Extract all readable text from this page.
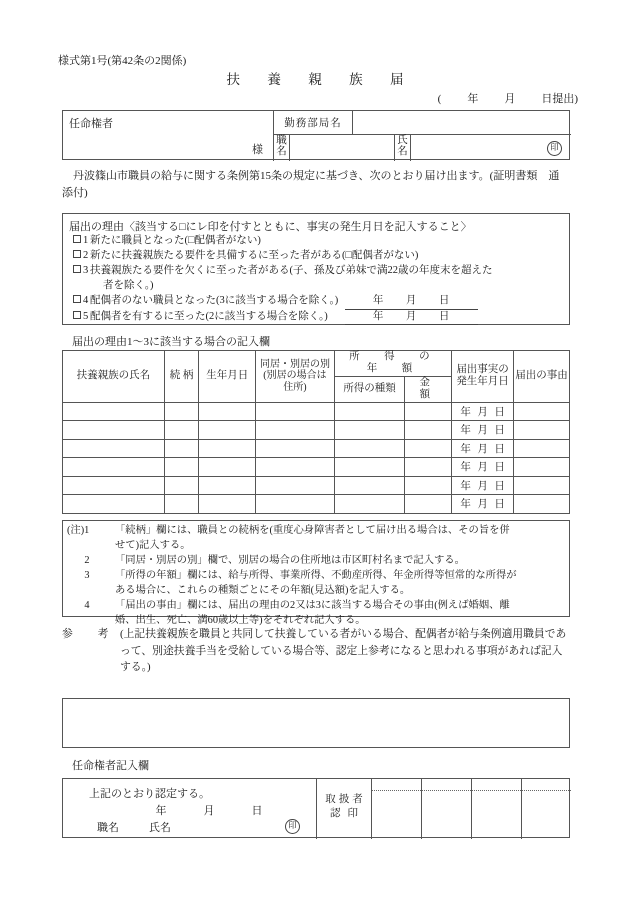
様式第1号(第42条の2関係)
扶 養 親 族 届
( 年 月 日提出)
任命権者
様
勤務部局名
職
名
氏
名	印
丹波篠山市職員の給与に関する条例第15条の規定に基づき、次のとおり届け出ます。(証明書類　通添付)
届出の理由〈該当する□にレ印を付すとともに、事実の発生月日を記入すること〉
1 新たに職員となった(□配偶者がない)
2 新たに扶養親族たる要件を具備するに至った者がある(□配偶者がない)
3 扶養親族たる要件を欠くに至った者がある(子、孫及び弟妹で満22歳の年度末を超えた
者を除く。)
4 配偶者のない職員となった(3に該当する場合を除く。)	年 月 日
5 配偶者を有するに至った(2に該当する場合を除く。)	年 月 日
届出の理由1〜3に該当する場合の記入欄
扶養親族の氏名	続 柄	生年月日	同居・別居の別
(別居の場合は
住所)	所　得　の　年　額		届出事実の
発生年月日	届出の事由
				所得の種類	金　額		
						年 月 日	
						年 月 日	
						年 月 日	
						年 月 日	
						年 月 日	
						年 月 日	
(注)1	「続柄」欄には、職員との続柄を(重度心身障害者として届け出る場合は、その旨を併
せて)記入する。
2	「同居・別居の別」欄で、別居の場合の住所地は市区町村名まで記入する。
3	「所得の年額」欄には、給与所得、事業所得、不動産所得、年金所得等恒常的な所得が
ある場合に、これらの種類ごとにその年額(見込額)を記入する。
4	「届出の事由」欄には、届出の理由の2又は3に該当する場合その事由(例えば婚姻、離
婚、出生、死亡、満60歳以上等)をそれぞれ記入する。
参　考 (上記扶養親族を職員と共同して扶養している者がいる場合、配偶者が給与条例適用職員であって、別途扶養手当を受給している場合等、認定上参考になると思われる事項があれば記入する。)
任命権者記入欄
上記のとおり認定する。
年	月	日
職名	氏名	印
取扱者
認印
